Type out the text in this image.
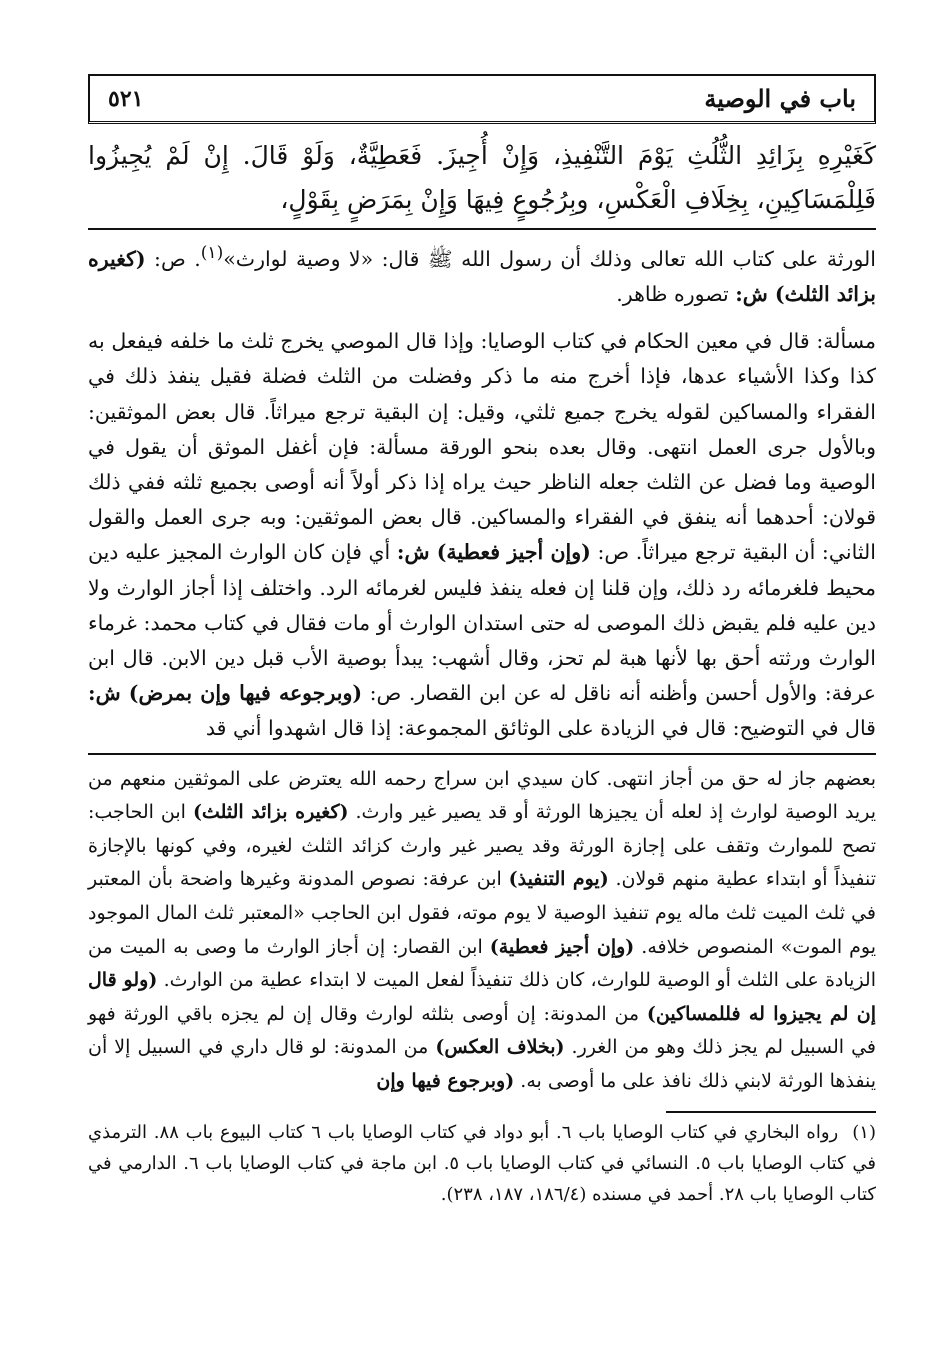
باب في الوصية
٥٢١
كَغَيْرِهِ بِزَائِدِ الثُّلُثِ يَوْمَ التَّنْفِيذِ، وَإِنْ أُجِيزَ. فَعَطِيَّةٌ، وَلَوْ قَالَ. إِنْ لَمْ يُجِيزُوا فَلِلْمَسَاكِينِ، بِخِلَافِ الْعَكْسِ، وبِرُجُوعٍ فِيهَا وَإِنْ بِمَرَضٍ بِقَوْلٍ،

الورثة على كتاب الله تعالى وذلك أن رسول الله ﷺ قال: «لا وصية لوارث»$^{(١)}$. ص: (كغيره بزائد الثلث) ش: تصوره ظاهر.

مسألة: قال في معين الحكام في كتاب الوصايا: وإذا قال الموصي يخرج ثلث ما خلفه فيفعل به كذا وكذا الأشياء عدها، فإذا أخرج منه ما ذكر وفضلت من الثلث فضلة فقيل ينفذ ذلك في الفقراء والمساكين لقوله يخرج جميع ثلثي، وقيل: إن البقية ترجع ميراثاً. قال بعض الموثقين: وبالأول جرى العمل انتهى. وقال بعده بنحو الورقة مسألة: فإن أغفل الموثق أن يقول في الوصية وما فضل عن الثلث جعله الناظر حيث يراه إذا ذكر أولاً أنه أوصى بجميع ثلثه ففي ذلك قولان: أحدهما أنه ينفق في الفقراء والمساكين. قال بعض الموثقين: وبه جرى العمل والقول الثاني: أن البقية ترجع ميراثاً. ص: (وإن أجيز فعطية) ش: أي فإن كان الوارث المجيز عليه دين محيط فلغرمائه رد ذلك، وإن قلنا إن فعله ينفذ فليس لغرمائه الرد. واختلف إذا أجاز الوارث ولا دين عليه فلم يقبض ذلك الموصى له حتى استدان الوارث أو مات فقال في كتاب محمد: غرماء الوارث ورثته أحق بها لأنها هبة لم تحز، وقال أشهب: يبدأ بوصية الأب قبل دين الابن. قال ابن عرفة: والأول أحسن وأظنه أنه ناقل له عن ابن القصار. ص: (وبرجوعه فيها وإن بمرض) ش: قال في التوضيح: قال في الزيادة على الوثائق المجموعة: إذا قال اشهدوا أني قد

بعضهم جاز له حق من أجاز انتهى. كان سيدي ابن سراج رحمه الله يعترض على الموثقين منعهم من يريد الوصية لوارث إذ لعله أن يجيزها الورثة أو قد يصير غير وارث. (كغيره بزائد الثلث) ابن الحاجب: تصح للموارث وتقف على إجازة الورثة وقد يصير غير وارث كزائد الثلث لغيره، وفي كونها بالإجازة تنفيذاً أو ابتداء عطية منهم قولان. (يوم التنفيذ) ابن عرفة: نصوص المدونة وغيرها واضحة بأن المعتبر في ثلث الميت ثلث ماله يوم تنفيذ الوصية لا يوم موته، فقول ابن الحاجب «المعتبر ثلث المال الموجود يوم الموت» المنصوص خلافه. (وإن أجيز فعطية) ابن القصار: إن أجاز الوارث ما وصى به الميت من الزيادة على الثلث أو الوصية للوارث، كان ذلك تنفيذاً لفعل الميت لا ابتداء عطية من الوارث. (ولو قال إن لم يجيزوا له فللمساكين) من المدونة: إن أوصى بثلثه لوارث وقال إن لم يجزه باقي الورثة فهو في السبيل لم يجز ذلك وهو من الغرر. (بخلاف العكس) من المدونة: لو قال داري في السبيل إلا أن ينفذها الورثة لابني ذلك نافذ على ما أوصى به. (وبرجوع فيها وإن
(١)رواه البخاري في كتاب الوصايا باب ٦. أبو دواد في كتاب الوصايا باب ٦ كتاب البيوع باب ٨٨. الترمذي في كتاب الوصايا باب ٥. النسائي في كتاب الوصايا باب ٥. ابن ماجة في كتاب الوصايا باب ٦. الدارمي في كتاب الوصايا باب ٢٨. أحمد في مسنده (١٨٦/٤، ١٨٧، ٢٣٨).
